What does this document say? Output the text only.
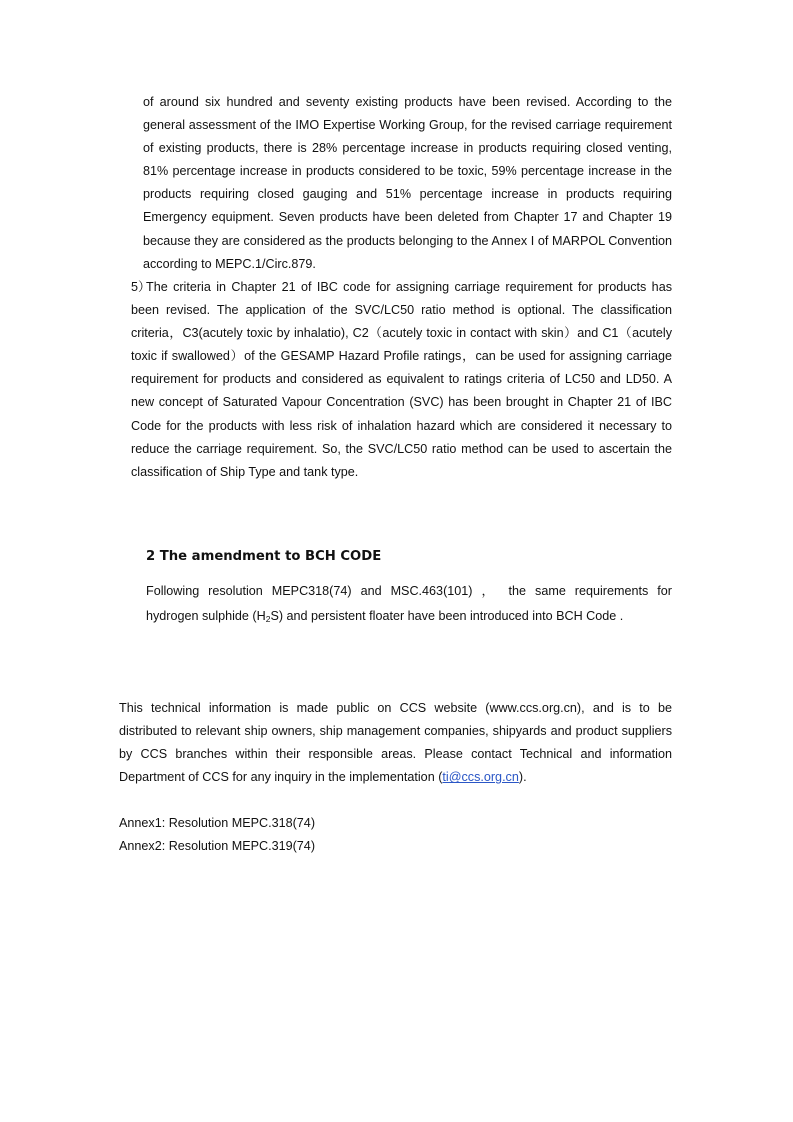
of around six hundred and seventy existing products have been revised. According to the general assessment of the IMO Expertise Working Group, for the revised carriage requirement of existing products, there is 28% percentage increase in products requiring closed venting, 81% percentage increase in products considered to be toxic, 59% percentage increase in the products requiring closed gauging and 51% percentage increase in products requiring Emergency equipment. Seven products have been deleted from Chapter 17 and Chapter 19 because they are considered as the products belonging to the Annex I of MARPOL Convention according to MEPC.1/Circ.879.

5）The criteria in Chapter 21 of IBC code for assigning carriage requirement for products has been revised. The application of the SVC/LC50 ratio method is optional. The classification criteria，C3(acutely toxic by inhalatio), C2（acutely toxic in contact with skin）and C1（acutely toxic if swallowed）of the GESAMP Hazard Profile ratings，can be used for assigning carriage requirement for products and considered as equivalent to ratings criteria of LC50 and LD50. A new concept of Saturated Vapour Concentration (SVC) has been brought in Chapter 21 of IBC Code for the products with less risk of inhalation hazard which are considered it necessary to reduce the carriage requirement. So, the SVC/LC50 ratio method can be used to ascertain the classification of Ship Type and tank type.

2 The amendment to BCH CODE

Following resolution MEPC318(74) and MSC.463(101) ， the same requirements for hydrogen sulphide $(H_2S)$ and persistent floater have been introduced into BCH Code .

This technical information is made public on CCS website (www.ccs.org.cn), and is to be distributed to relevant ship owners, ship management companies, shipyards and product suppliers by CCS branches within their responsible areas. Please contact Technical and information Department of CCS for any inquiry in the implementation (ti@ccs.org.cn).

Annex1: Resolution MEPC.318(74)

Annex2: Resolution MEPC.319(74)
